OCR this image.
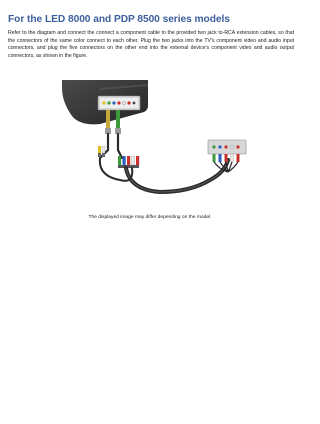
For the LED 8000 and PDP 8500 series models

Refer to the diagram and connect the connect a component cable to the provided two jack to-RCA extension cables, so that the connectors of the same color connect to each other. Plug the two jacks into the TV's component video and audio input connectors, and plug the five connectors on the other end into the external device's component video and audio output connectors, as shown in the figure.

The displayed image may differ depending on the model.
